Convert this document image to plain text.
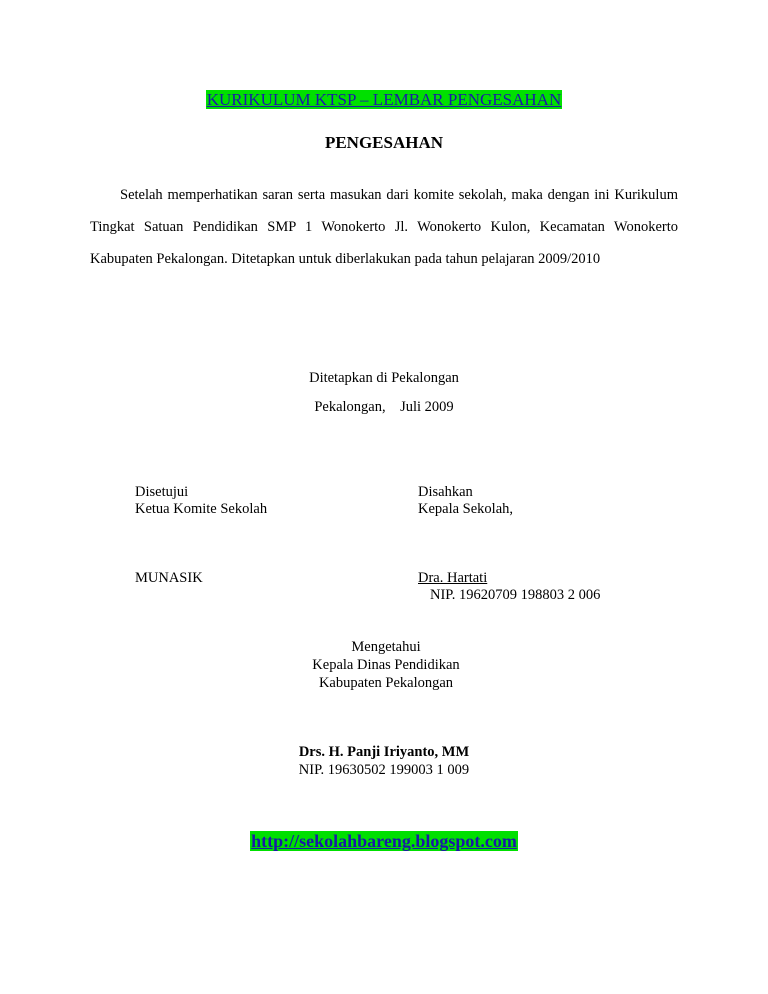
KURIKULUM KTSP – LEMBAR PENGESAHAN
PENGESAHAN

Setelah memperhatikan saran serta masukan dari komite sekolah, maka dengan ini Kurikulum Tingkat Satuan Pendidikan SMP 1 Wonokerto Jl. Wonokerto Kulon, Kecamatan Wonokerto Kabupaten Pekalongan. Ditetapkan untuk diberlakukan pada tahun pelajaran 2009/2010

Ditetapkan di Pekalongan
Pekalongan,    Juli 2009
Disetujui
Ketua Komite Sekolah
MUNASIK
Disahkan
Kepala Sekolah,
Dra. Hartati
NIP. 19620709 198803 2 006
Mengetahui
Kepala Dinas Pendidikan
Kabupaten Pekalongan
Drs. H. Panji Iriyanto, MM
NIP. 19630502 199003 1 009
http://sekolahbareng.blogspot.com
